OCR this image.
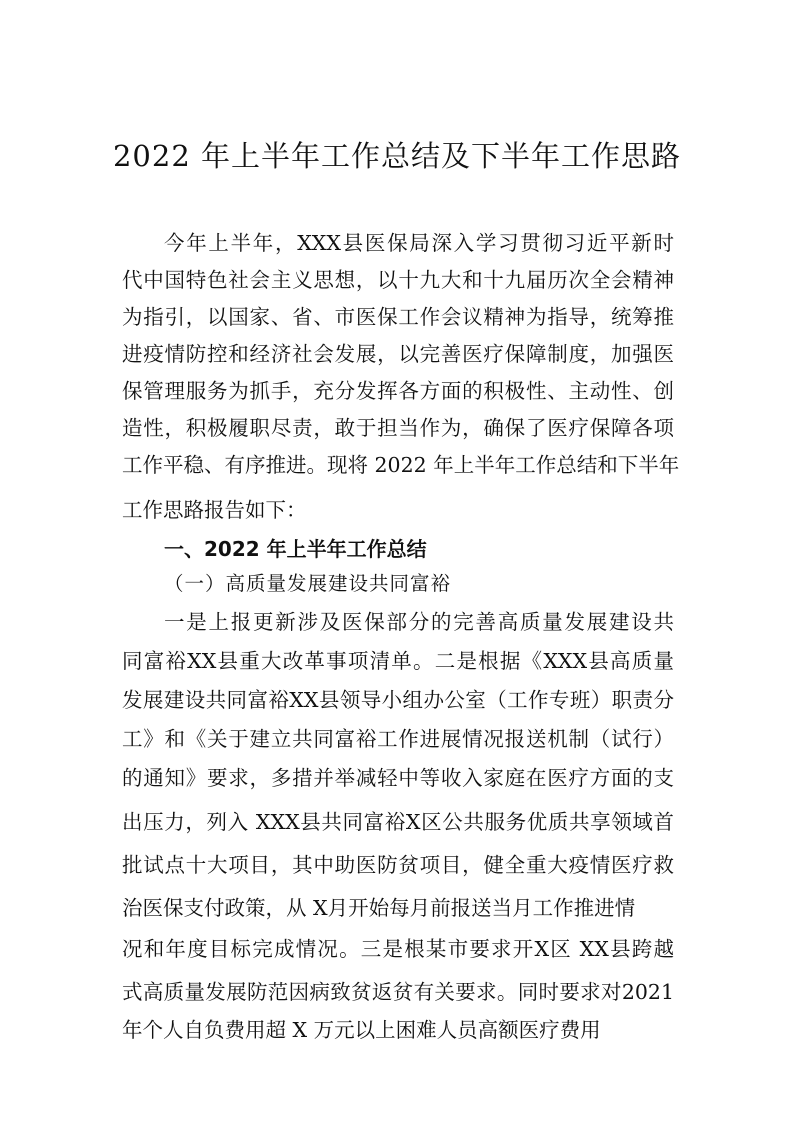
2022 年上半年工作总结及下半年工作思路

今年上半年，XXX县医保局深入学习贯彻习近平新时

代中国特色社会主义思想，以十九大和十九届历次全会精神

为指引，以国家、省、市医保工作会议精神为指导，统筹推

进疫情防控和经济社会发展，以完善医疗保障制度，加强医

保管理服务为抓手，充分发挥各方面的积极性、主动性、创

造性，积极履职尽责，敢于担当作为，确保了医疗保障各项

工作平稳、有序推进。现将 2022 年上半年工作总结和下半年

工作思路报告如下：

一、2022 年上半年工作总结

（一）高质量发展建设共同富裕

一是上报更新涉及医保部分的完善高质量发展建设共

同富裕XX县重大改革事项清单。二是根据《XXX县高质量

发展建设共同富裕XX县领导小组办公室（工作专班）职责分

工》和《关于建立共同富裕工作进展情况报送机制（试行）

的通知》要求，多措并举减轻中等收入家庭在医疗方面的支

出压力，列入 XXX县共同富裕X区公共服务优质共享领域首

批试点十大项目，其中助医防贫项目，健全重大疫情医疗救

治医保支付政策，从 X月开始每月前报送当月工作推进情

况和年度目标完成情况。三是根某市要求开X区 XX县跨越

式高质量发展防范因病致贫返贫有关要求。同时要求对2021

年个人自负费用超 X 万元以上困难人员高额医疗费用
